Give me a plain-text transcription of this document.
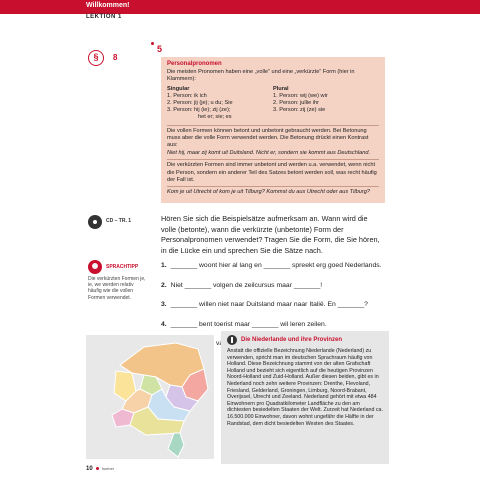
Willkommen!
LEKTION 1
§	8
5
Personalpronomen
Die meisten Pronomen haben eine „volle“ und eine „verkürzte“ Form (hier in Klammern):
Singular
1. Person: ik ich
2. Person: jij (je); u du; Sie
3. Person: hij (ie); zij (ze);
het er; sie; es
Plural
1. Person: wij (we) wir
2. Person: jullie ihr
3. Person: zij (ze) sie
Die vollen Formen können betont und unbetont gebraucht werden. Bei Betonung muss aber die volle Form verwendet werden. Die Betonung drückt einen Kontrast aus:
Niet hij, maar zij komt uit Duitsland. Nicht er, sondern sie kommt aus Deutschland.
Die verkürzten Formen sind immer unbetont und werden u.a. verwendet, wenn nicht die Person, sondern ein anderer Teil des Satzes betont werden soll, was recht häufig der Fall ist.
Kom je uit Utrecht of kom je uit Tilburg? Kommst du aus Utrecht oder aus Tilburg?
CD – TR. 1	Hören Sie sich die Beispielsätze aufmerksam an. Wann wird die volle (betonte), wann die verkürzte (unbetonte) Form der Personalpronomen verwendet? Tragen Sie die Form, die Sie hören, in die Lücke ein und sprechen Sie die Sätze nach.
SPRACHTIPP
Die verkürzten Formen je, ie, we werden relativ häufig wie die vollen Formen verwendet.
1. _______ woont hier al lang en _______ spreekt erg goed Nederlands.
2. Niet _______ volgen de zeilcursus maar _______!
3. _______ willen niet naar Duitsland maar naar Italië. En _______?
4. _______ bent toerist maar _______ wil leren zeilen.
Die Niederlande und ihre Provinzen
Anstatt die offizielle Bezeichnung Niederlande (Nederland) zu verwenden, spricht man im deutschen Sprachraum häufig von Holland. Diese Bezeichnung stammt von der alten Grafschaft Holland und bezieht sich eigentlich auf die heutigen Provinzen Noord-Holland und Zuid-Holland. Außer diesen beiden, gibt es in Nederland noch zehn weitere Provinzen: Drenthe, Flevoland, Friesland, Gelderland, Groningen, Limburg, Noord-Brabant, Overijssel, Utrecht und Zeeland. Nederland gehört mit etwa 484 Einwohnern pro Quadratkilometer Landfläche zu den am dichtesten besiedelten Staaten der Welt. Zurzeit hat Nederland ca. 16.500.000 Einwohner, davon wohnt ungefähr die Hälfte in der Randstad, dem dicht besiedelten Westen des Staates.
10 hueber
